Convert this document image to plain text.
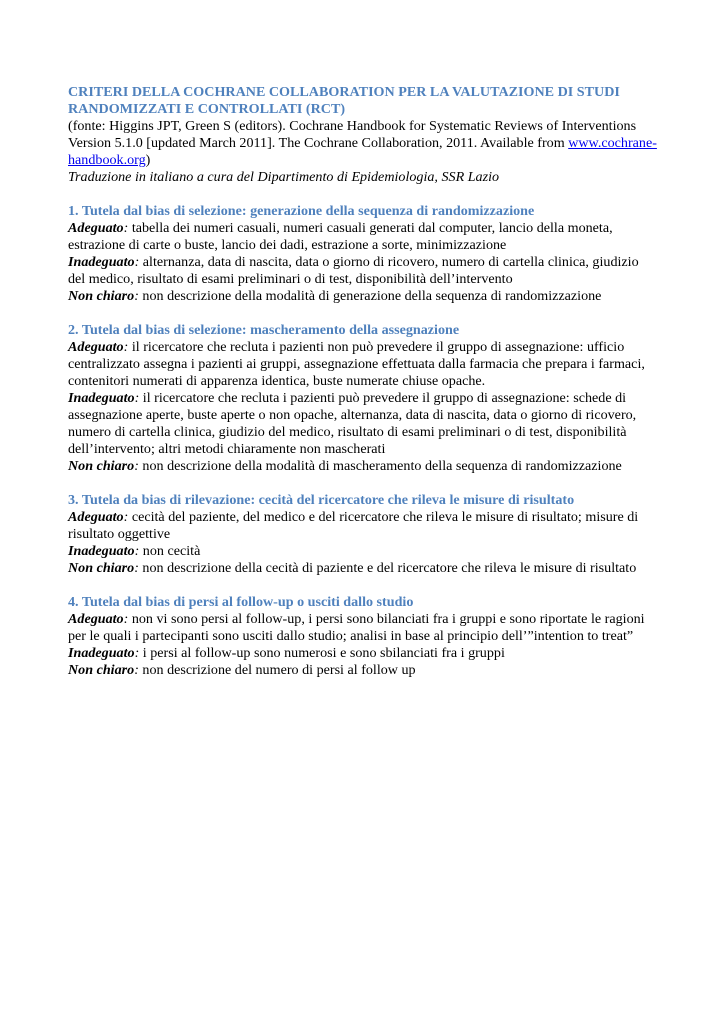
CRITERI DELLA COCHRANE COLLABORATION PER LA VALUTAZIONE DI STUDI RANDOMIZZATI E CONTROLLATI (RCT)

(fonte: Higgins JPT, Green S (editors). Cochrane Handbook for Systematic Reviews of Interventions Version 5.1.0 [updated March 2011]. The Cochrane Collaboration, 2011. Available from www.cochrane-handbook.org)

Traduzione in italiano a cura del Dipartimento di Epidemiologia, SSR Lazio

1. Tutela dal bias di selezione: generazione della sequenza di randomizzazione

Adeguato: tabella dei numeri casuali, numeri casuali generati dal computer, lancio della moneta, estrazione di carte o buste, lancio dei dadi, estrazione a sorte, minimizzazione

Inadeguato: alternanza, data di nascita, data o giorno di ricovero, numero di cartella clinica, giudizio del medico, risultato di esami preliminari o di test, disponibilità dell’intervento

Non chiaro: non descrizione della modalità di generazione della sequenza di randomizzazione

2. Tutela dal bias di selezione: mascheramento della assegnazione

Adeguato: il ricercatore che recluta i pazienti non può prevedere il gruppo di assegnazione: ufficio centralizzato assegna i pazienti ai gruppi, assegnazione effettuata dalla farmacia che prepara i farmaci, contenitori numerati di apparenza identica, buste numerate chiuse opache.

Inadeguato: il ricercatore che recluta i pazienti può prevedere il gruppo di assegnazione: schede di assegnazione aperte, buste aperte o non opache, alternanza, data di nascita, data o giorno di ricovero, numero di cartella clinica, giudizio del medico, risultato di esami preliminari o di test, disponibilità dell’intervento; altri metodi chiaramente non mascherati

Non chiaro: non descrizione della modalità di mascheramento della sequenza di randomizzazione

3. Tutela da bias di rilevazione: cecità del ricercatore che rileva le misure di risultato

Adeguato: cecità del paziente, del medico e del ricercatore che rileva le misure di risultato; misure di risultato oggettive

Inadeguato: non cecità

Non chiaro: non descrizione della cecità di paziente e del ricercatore che rileva le misure di risultato

4. Tutela dal bias di persi al follow-up o usciti dallo studio

Adeguato: non vi sono persi al follow-up, i persi sono bilanciati fra i gruppi e sono riportate le ragioni per le quali i partecipanti sono usciti dallo studio; analisi in base al principio dell’”intention to treat”

Inadeguato: i persi al follow-up sono numerosi e sono sbilanciati fra i gruppi

Non chiaro: non descrizione del numero di persi al follow up
